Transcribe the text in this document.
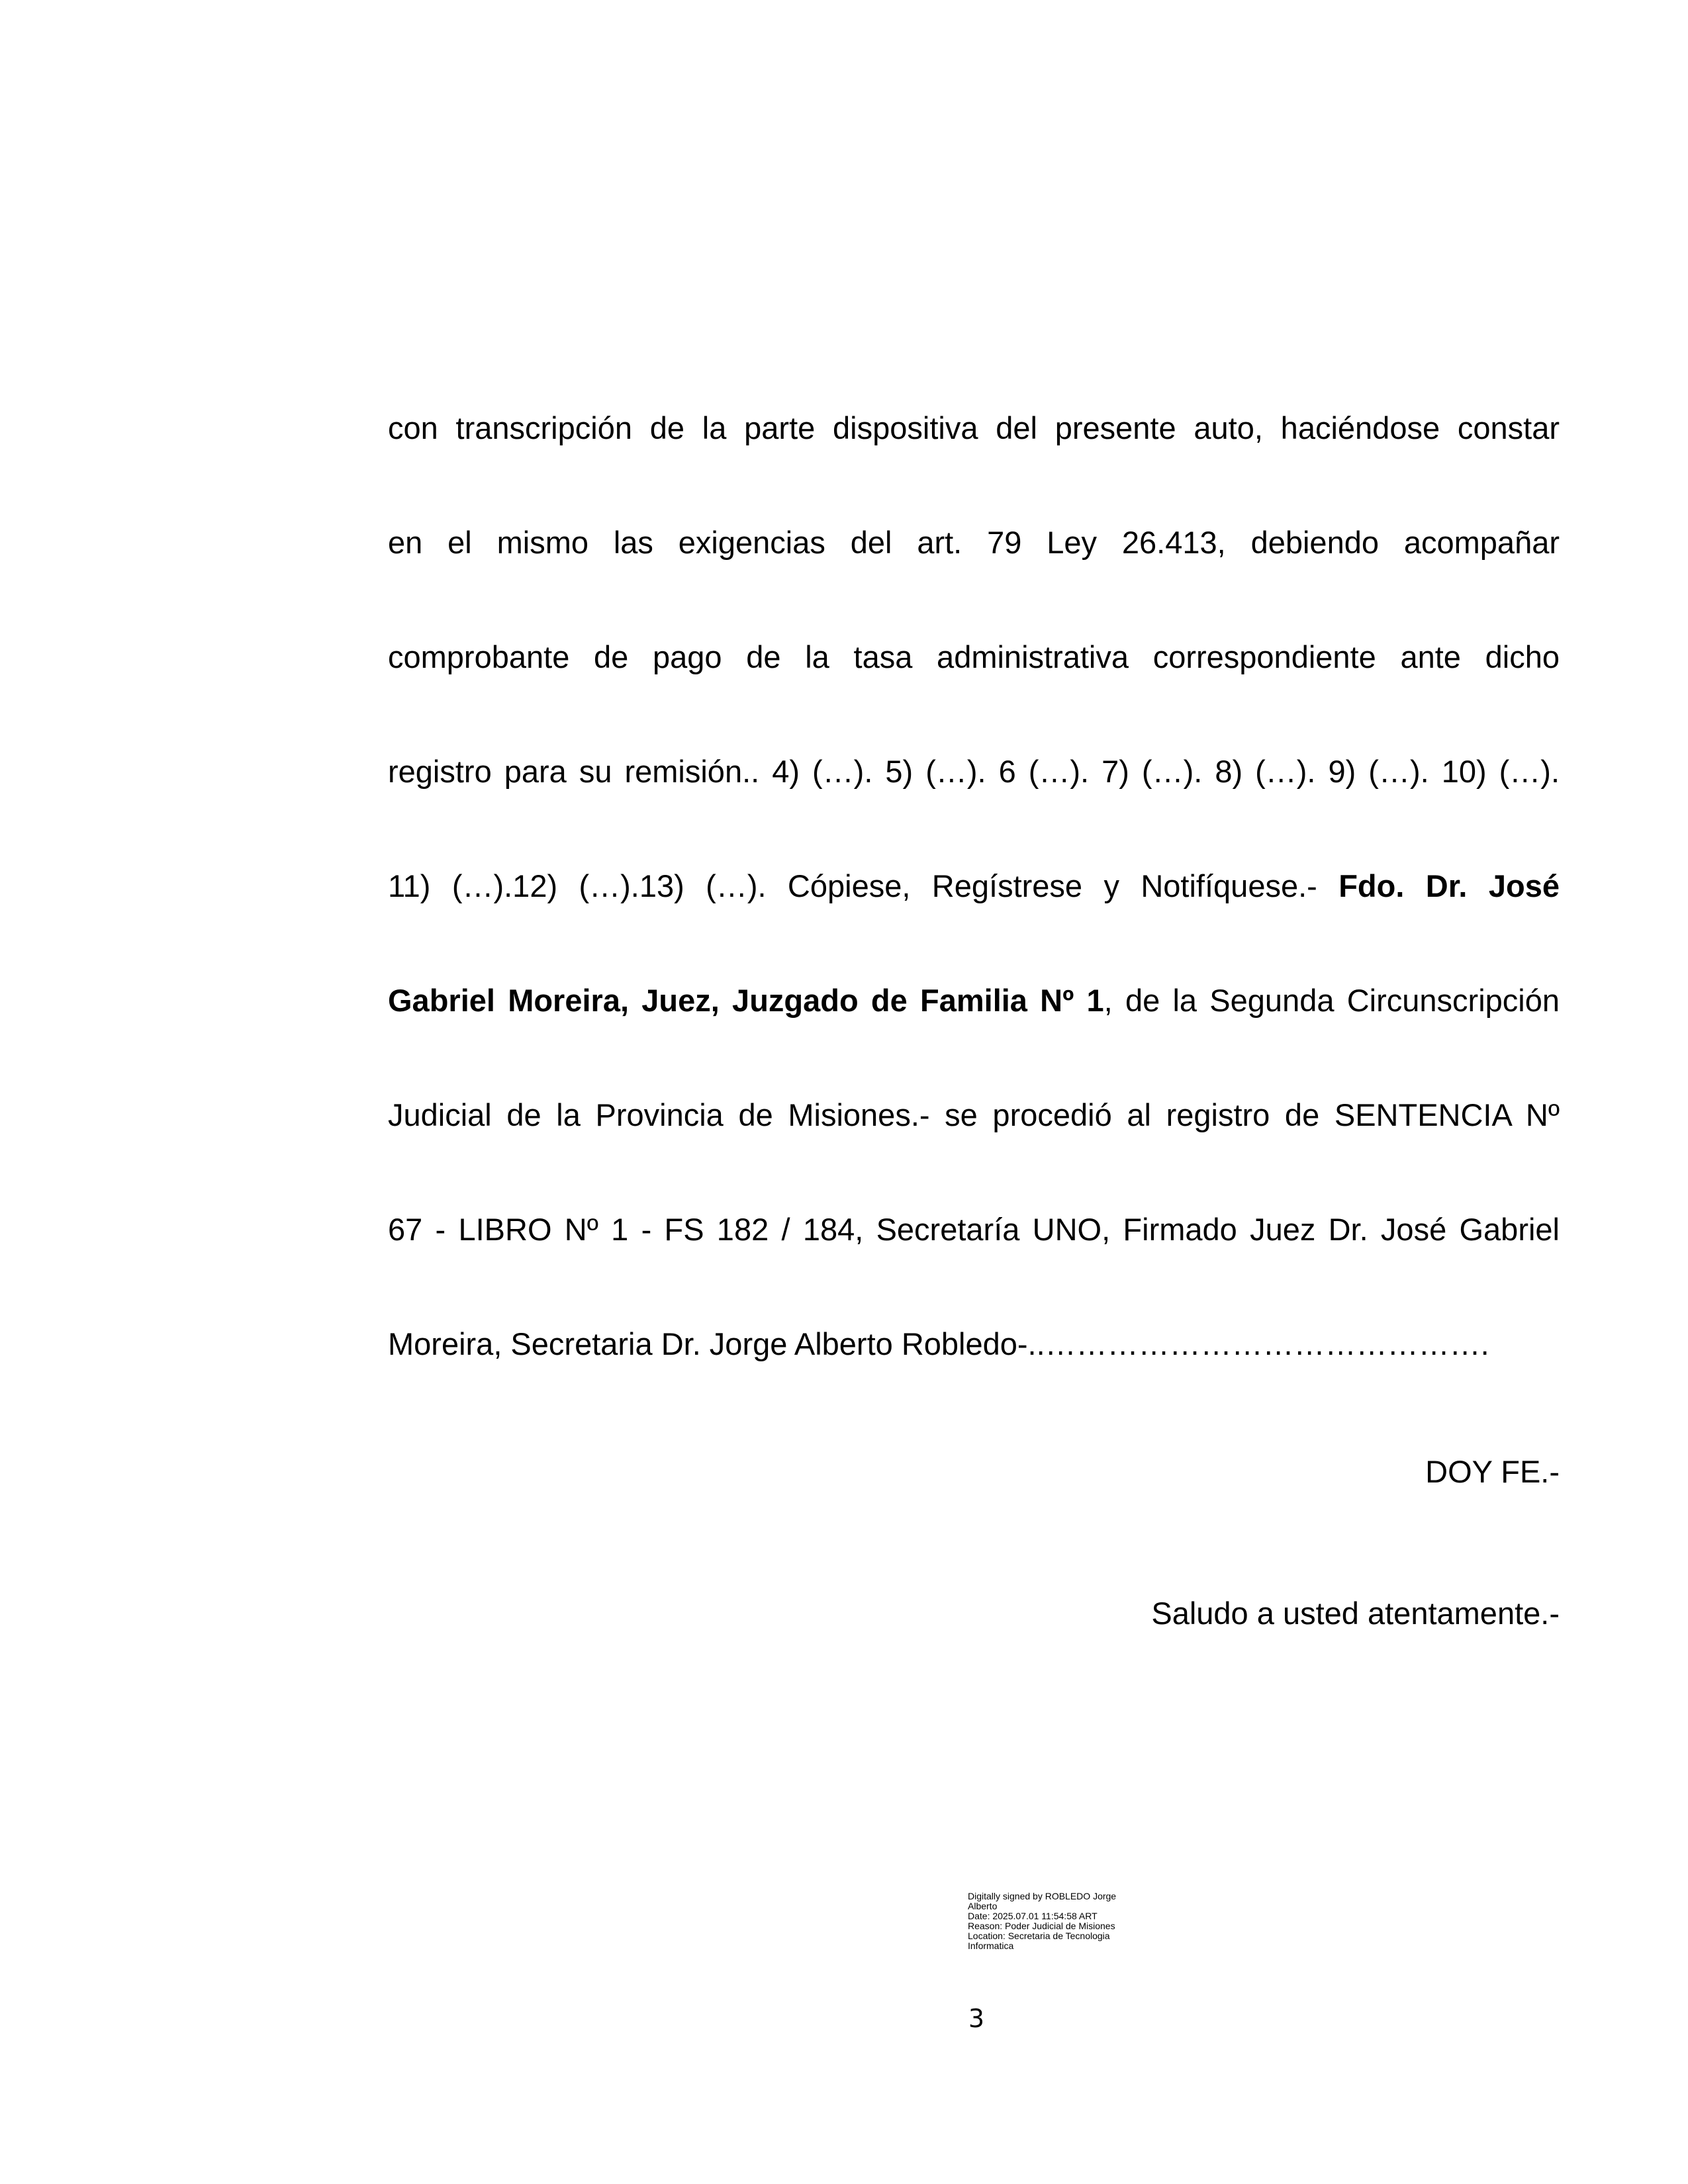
con transcripción de la parte dispositiva del presente auto, haciéndose constar
en el mismo las exigencias del art. 79 Ley 26.413, debiendo acompañar
comprobante de pago de la tasa administrativa correspondiente ante dicho
registro para su remisión.. 4) (…). 5) (…). 6 (…). 7) (…). 8) (…). 9) (…). 10) (…).
11) (…).12) (…).13) (…). Cópiese, Regístrese y Notifíquese.- Fdo. Dr. José
Gabriel Moreira, Juez, Juzgado de Familia Nº 1, de la Segunda Circunscripción
Judicial de la Provincia de Misiones.- se procedió al registro de SENTENCIA Nº
67 - LIBRO Nº 1 - FS 182 / 184, Secretaría UNO, Firmado Juez Dr. José Gabriel
Moreira, Secretaria Dr. Jorge Alberto Robledo-..…………………………………….

DOY FE.-

Saludo a usted atentamente.-

Digitally signed by ROBLEDO Jorge
Alberto
Date: 2025.07.01 11:54:58 ART
Reason: Poder Judicial de Misiones
Location: Secretaria de Tecnologia
Informatica

3
